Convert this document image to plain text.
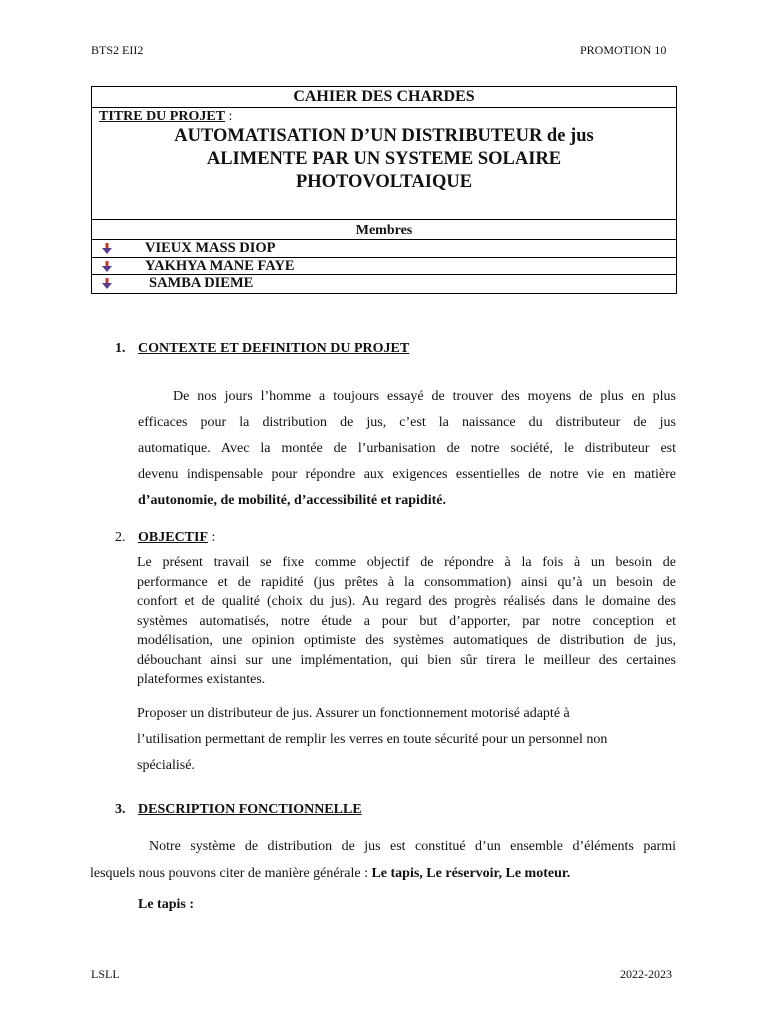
BTS2 EII2	PROMOTION 10
CAHIER DES CHARDES
TITRE DU PROJET :
AUTOMATISATION D’UN DISTRIBUTEUR de jus
ALIMENTE PAR UN SYSTEME SOLAIRE
PHOTOVOLTAIQUE
Membres
VIEUX MASS DIOP
YAKHYA MANE FAYE
SAMBA DIEME
1. CONTEXTE ET DEFINITION DU PROJET
De nos jours l’homme a toujours essayé de trouver des moyens de plus en plus
efficaces pour la distribution de jus, c’est la naissance du distributeur de jus
automatique. Avec la montée de l’urbanisation de notre société, le distributeur est
devenu indispensable pour répondre aux exigences essentielles de notre vie en matière
d’autonomie, de mobilité, d’accessibilité et rapidité.
2. OBJECTIF :
Le présent travail se fixe comme objectif de répondre à la fois à un besoin de
performance et de rapidité (jus prêtes à la consommation) ainsi qu’à un besoin de
confort et de qualité (choix du jus). Au regard des progrès réalisés dans le domaine des
systèmes automatisés, notre étude a pour but d’apporter, par notre conception et
modélisation, une opinion optimiste des systèmes automatiques de distribution de jus,
débouchant ainsi sur une implémentation, qui bien sûr tirera le meilleur des certaines
plateformes existantes.
Proposer un distributeur de jus. Assurer un fonctionnement motorisé adapté à
l’utilisation permettant de remplir les verres en toute sécurité pour un personnel non
spécialisé.
3. DESCRIPTION FONCTIONNELLE
Notre système de distribution de jus est constitué d’un ensemble d’éléments parmi
lesquels nous pouvons citer de manière générale : Le tapis, Le réservoir, Le moteur.
Le tapis :
LSLL	2022-2023
